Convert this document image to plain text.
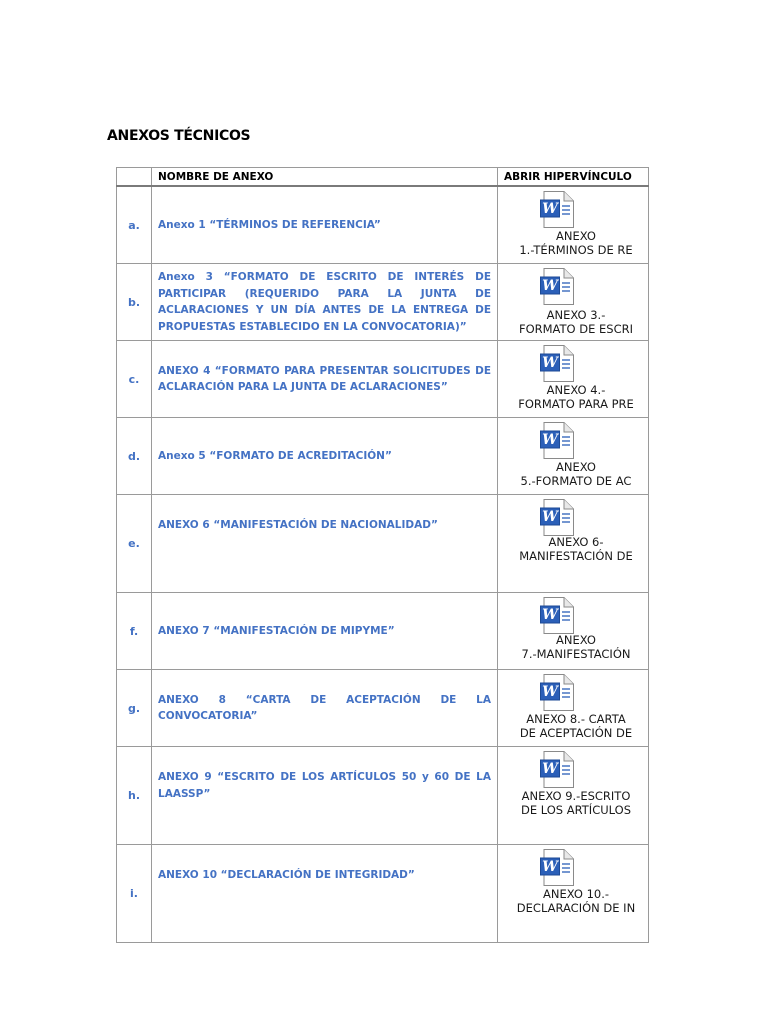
ANEXOS TÉCNICOS
	NOMBRE DE ANEXO	ABRIR HIPERVÍNCULO
a.	Anexo 1 “TÉRMINOS DE REFERENCIA”	W
ANEXO
1.-TÉRMINOS DE RE

b.	Anexo 3 “FORMATO DE ESCRITO DE INTERÉS DE PARTICIPAR (REQUERIDO PARA LA JUNTA DE ACLARACIONES Y UN DÍA ANTES DE LA ENTREGA DE PROPUESTAS ESTABLECIDO EN LA CONVOCATORIA)”	W
ANEXO 3.-
FORMATO DE ESCRI

c.	ANEXO 4 “FORMATO PARA PRESENTAR SOLICITUDES DE ACLARACIÓN PARA LA JUNTA DE ACLARACIONES”	W
ANEXO 4.-
FORMATO PARA PRE

d.	Anexo 5 “FORMATO DE ACREDITACIÓN”	W
ANEXO
5.-FORMATO DE AC

e.	ANEXO 6 “MANIFESTACIÓN DE NACIONALIDAD”	W
ANEXO 6-
MANIFESTACIÓN DE

f.	ANEXO 7 “MANIFESTACIÓN DE MIPYME”	W
ANEXO
7.-MANIFESTACIÓN

g.	ANEXO 8 “CARTA DE ACEPTACIÓN DE LA CONVOCATORIA”	W
ANEXO 8.- CARTA
DE ACEPTACIÓN DE

h.	ANEXO 9 “ESCRITO DE LOS ARTÍCULOS 50 y 60 DE LA LAASSP”	W
ANEXO 9.-ESCRITO
DE LOS ARTÍCULOS

i.	ANEXO 10 “DECLARACIÓN DE INTEGRIDAD”	W
ANEXO 10.-
DECLARACIÓN DE IN
